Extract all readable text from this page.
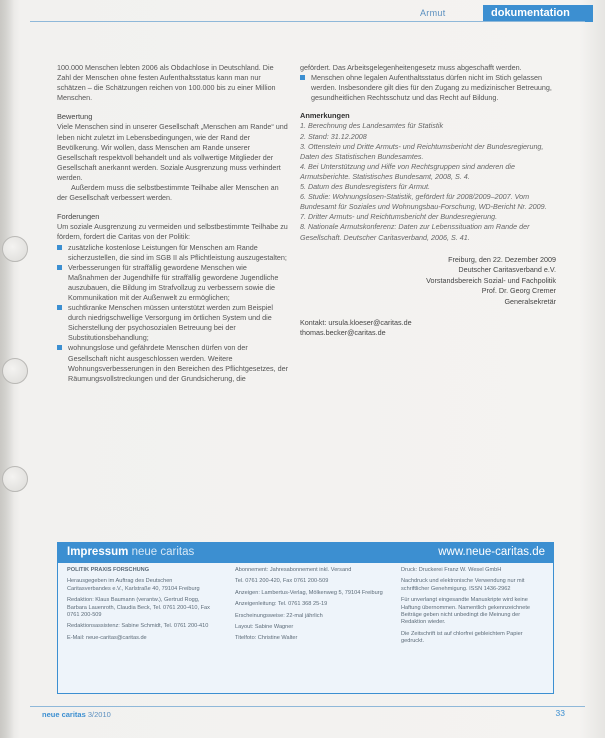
Armut	dokumentation

100.000 Menschen lebten 2006 als Obdachlose in Deutschland. Die Zahl der Menschen ohne festen Aufenthaltsstatus kann man nur schätzen – die Schätzungen reichen von 100.000 bis zu einer Million Menschen.

Bewertung

Viele Menschen sind in unserer Gesellschaft „Menschen am Rande“ und leben nicht zuletzt im Lebensbedingungen, wie der Rand der Bevölkerung. Wir wollen, dass Menschen am Rande unserer Gesellschaft respektvoll behandelt und als vollwertige Mitglieder der Gesellschaft anerkannt werden. Soziale Ausgrenzung muss verhindert werden.

Außerdem muss die selbstbestimmte Teilhabe aller Menschen an der Gesellschaft verbessert werden.

Forderungen

Um soziale Ausgrenzung zu vermeiden und selbstbestimmte Teilhabe zu fördern, fordert die Caritas von der Politik:

zusätzliche kostenlose Leistungen für Menschen am Rande sicherzustellen, die sind im SGB II als Pflichtleistung auszugestalten;
Verbesserungen für straffällig gewordene Menschen wie Maßnahmen der Jugendhilfe für straffällig gewordene Jugendliche auszubauen, die Bildung im Strafvollzug zu verbessern sowie die Kommunikation mit der Außenwelt zu ermöglichen;
suchtkranke Menschen müssen unterstützt werden zum Beispiel durch niedrigschwellige Versorgung im örtlichen System und die Sicherstellung der psychosozialen Betreuung bei der Substitutionsbehandlung;
wohnungslose und gefährdete Menschen dürfen von der Gesellschaft nicht ausgeschlossen werden. Weitere Wohnungsverbesserungen in den Bereichen des Pflichtgesetzes, der Räumungsvollstreckungen und der Grundsicherung, die

gefördert. Das Arbeitsgelegenheitengesetz muss abgeschafft werden.

Menschen ohne legalen Aufenthaltsstatus dürfen nicht im Stich gelassen werden. Insbesondere gilt dies für den Zugang zu medizinischer Betreuung, gesundheitlichen Rechtsschutz und das Recht auf Bildung.
Anmerkungen
1. Berechnung des Landesamtes für Statistik
2. Stand: 31.12.2008
3. Ottenstein und Dritte Armuts- und Reichtumsbericht der Bundesregierung, Daten des Statistischen Bundesamtes.
4. Bei Unterstützung und Hilfe von Rechtsgruppen sind anderen die Armutsberichte. Statistisches Bundesamt, 2008, S. 4.
5. Datum des Bundesregisters für Armut.
6. Studie: Wohnungslosen-Statistik, gefördert für 2008/2009–2007. Vom Bundesamt für Soziales und Wohnungsbau-Forschung, WD-Bericht Nr. 2009.
7. Dritter Armuts- und Reichtumsbericht der Bundesregierung.
8. Nationale Armutskonferenz: Daten zur Lebenssituation am Rande der Gesellschaft. Deutscher Caritasverband, 2006, S. 41.
Freiburg, den 22. Dezember 2009
Deutscher Caritasverband e.V.
Vorstandsbereich Sozial- und Fachpolitik
Prof. Dr. Georg Cremer
Generalsekretär
Kontakt: ursula.kloeser@caritas.de
thomas.becker@caritas.de
Impressum neue caritas	www.neue-caritas.de

POLITIK PRAXIS FORSCHUNG

Herausgegeben im Auftrag des Deutschen Caritasverbandes e.V., Karlstraße 40, 79104 Freiburg

Redaktion: Klaus Baumann (verantw.), Gertrud Rogg, Barbara Lauenroth, Claudia Beck, Tel. 0761 200-410, Fax 0761 200-509

Redaktionsassistenz: Sabine Schmidt, Tel. 0761 200-410

E-Mail: neue-caritas@caritas.de

Abonnement: Jahresabonnement inkl. Versand

Tel. 0761 200-420, Fax 0761 200-509

Anzeigen: Lambertus-Verlag, Mölkenweg 5, 79104 Freiburg

Anzeigenleitung: Tel. 0761 368 25-19

Erscheinungsweise: 22-mal jährlich

Layout: Sabine Wagner

Titelfoto: Christine Walter

Druck: Druckerei Franz W. Wesel GmbH

Nachdruck und elektronische Verwendung nur mit schriftlicher Genehmigung. ISSN 1436-2962

Für unverlangt eingesandte Manuskripte wird keine Haftung übernommen. Namentlich gekennzeichnete Beiträge geben nicht unbedingt die Meinung der Redaktion wieder.

Die Zeitschrift ist auf chlorfrei gebleichtem Papier gedruckt.

neue caritas 3/2010	33
